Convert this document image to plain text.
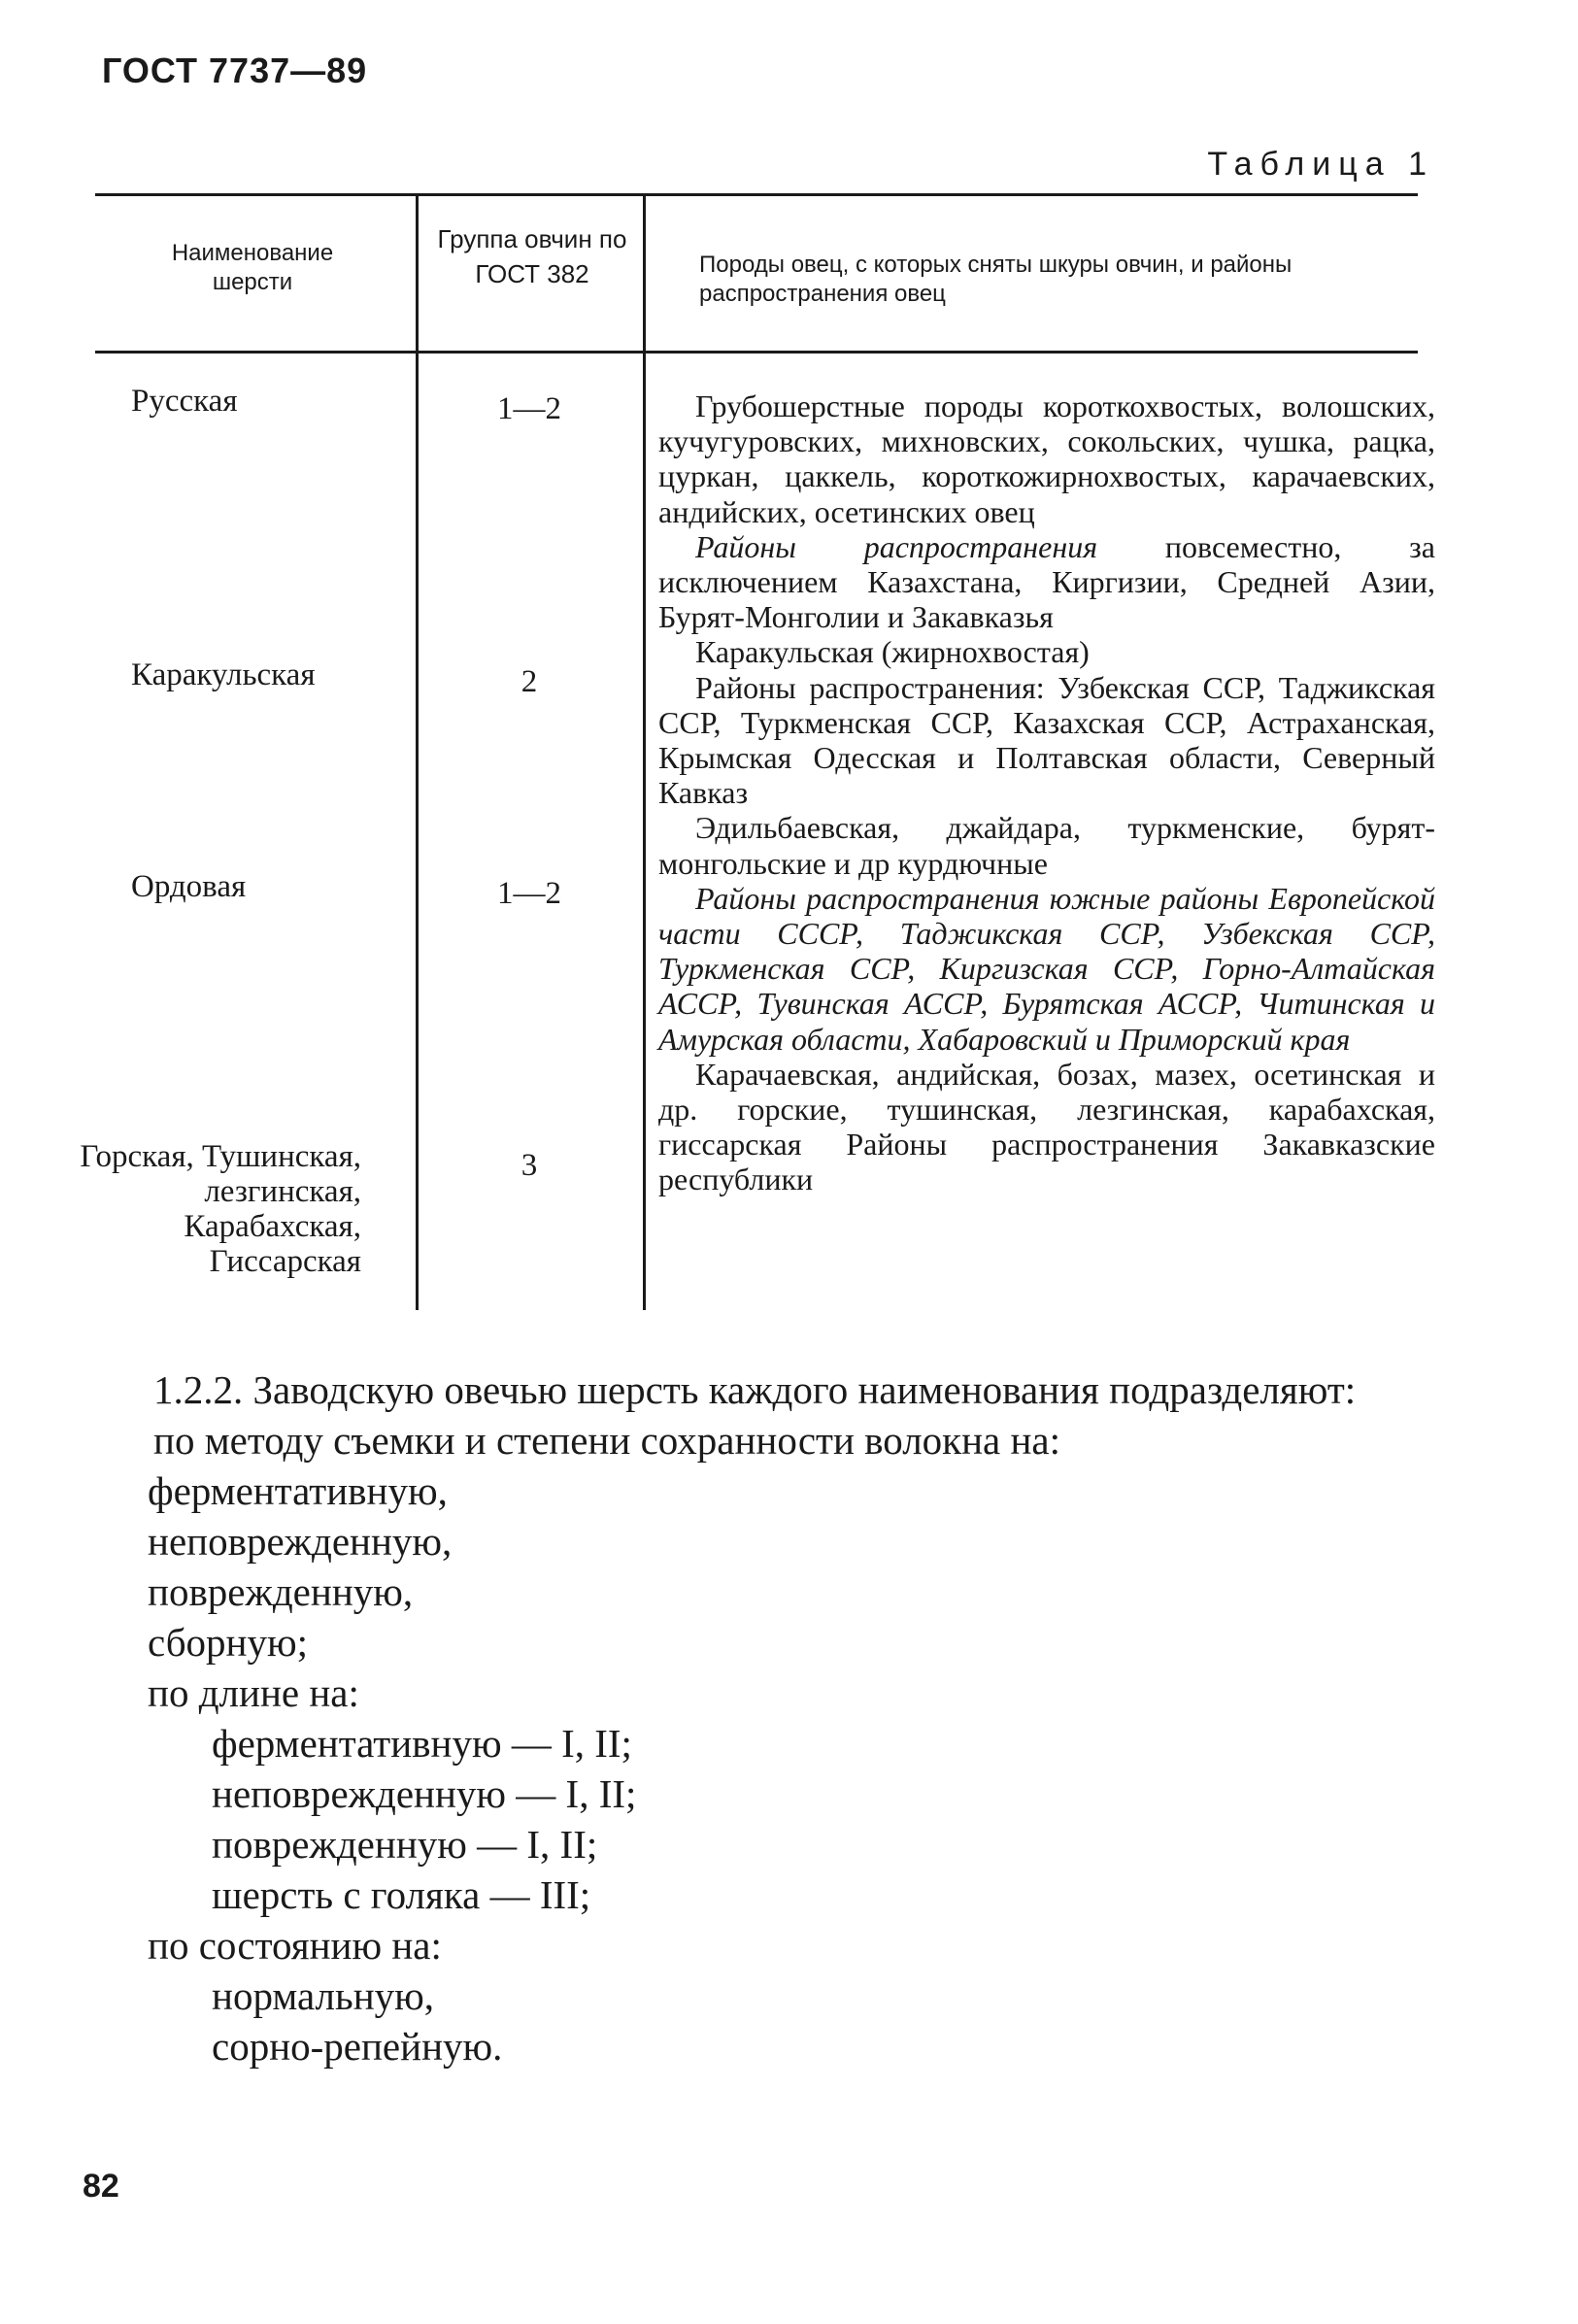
ГОСТ 7737—89
Таблица 1
Наименование шерсти
Группа овчин по ГОСТ 382	Породы овец, с которых сняты шкуры овчин, и районы распространения овец
Русская
Каракульская
Ордовая
Горская, Тушинская, лезгинская, Карабахская, Гиссарская
1—2
2
1—2
3

Грубошерстные породы короткохвостых, волошских, кучугуровских, михновских, сокольских, чушка, рацка, цуркан, цаккель, короткожирнохвостых, карачаевских, андийских, осетинских овец

Районы распространения повсеместно, за исключением Казахстана, Киргизии, Средней Азии, Бурят-Монголии и Закавказья

Каракульская (жирнохвостая)

Районы распространения: Узбекская ССР, Таджикская ССР, Туркменская ССР, Казахская ССР, Астраханская, Крымская Одесская и Полтавская области, Северный Кавказ

Эдильбаевская, джайдара, туркменские, бурят-монгольские и др курдючные

Районы распространения южные районы Европейской части СССР, Таджикская ССР, Узбекская ССР, Туркменская ССР, Киргизская ССР, Горно-Алтайская АССР, Тувинская АССР, Бурятская АССР, Читинская и Амурская области, Хабаровский и Приморский края

Карачаевская, андийская, бозах, мазех, осетинская и др. горские, тушинская, лезгинская, карабахская, гиссарская Районы распространения Закавказские республики

1.2.2. Заводскую овечью шерсть каждого наименования подразделяют:

по методу съемки и степени сохранности волокна на:

ферментативную,

неповрежденную,

поврежденную,

сборную;

по длине на:

ферментативную — I, II;

неповрежденную — I, II;

поврежденную — I, II;

шерсть с голяка — III;

по состоянию на:

нормальную,

сорно-репейную.

82
